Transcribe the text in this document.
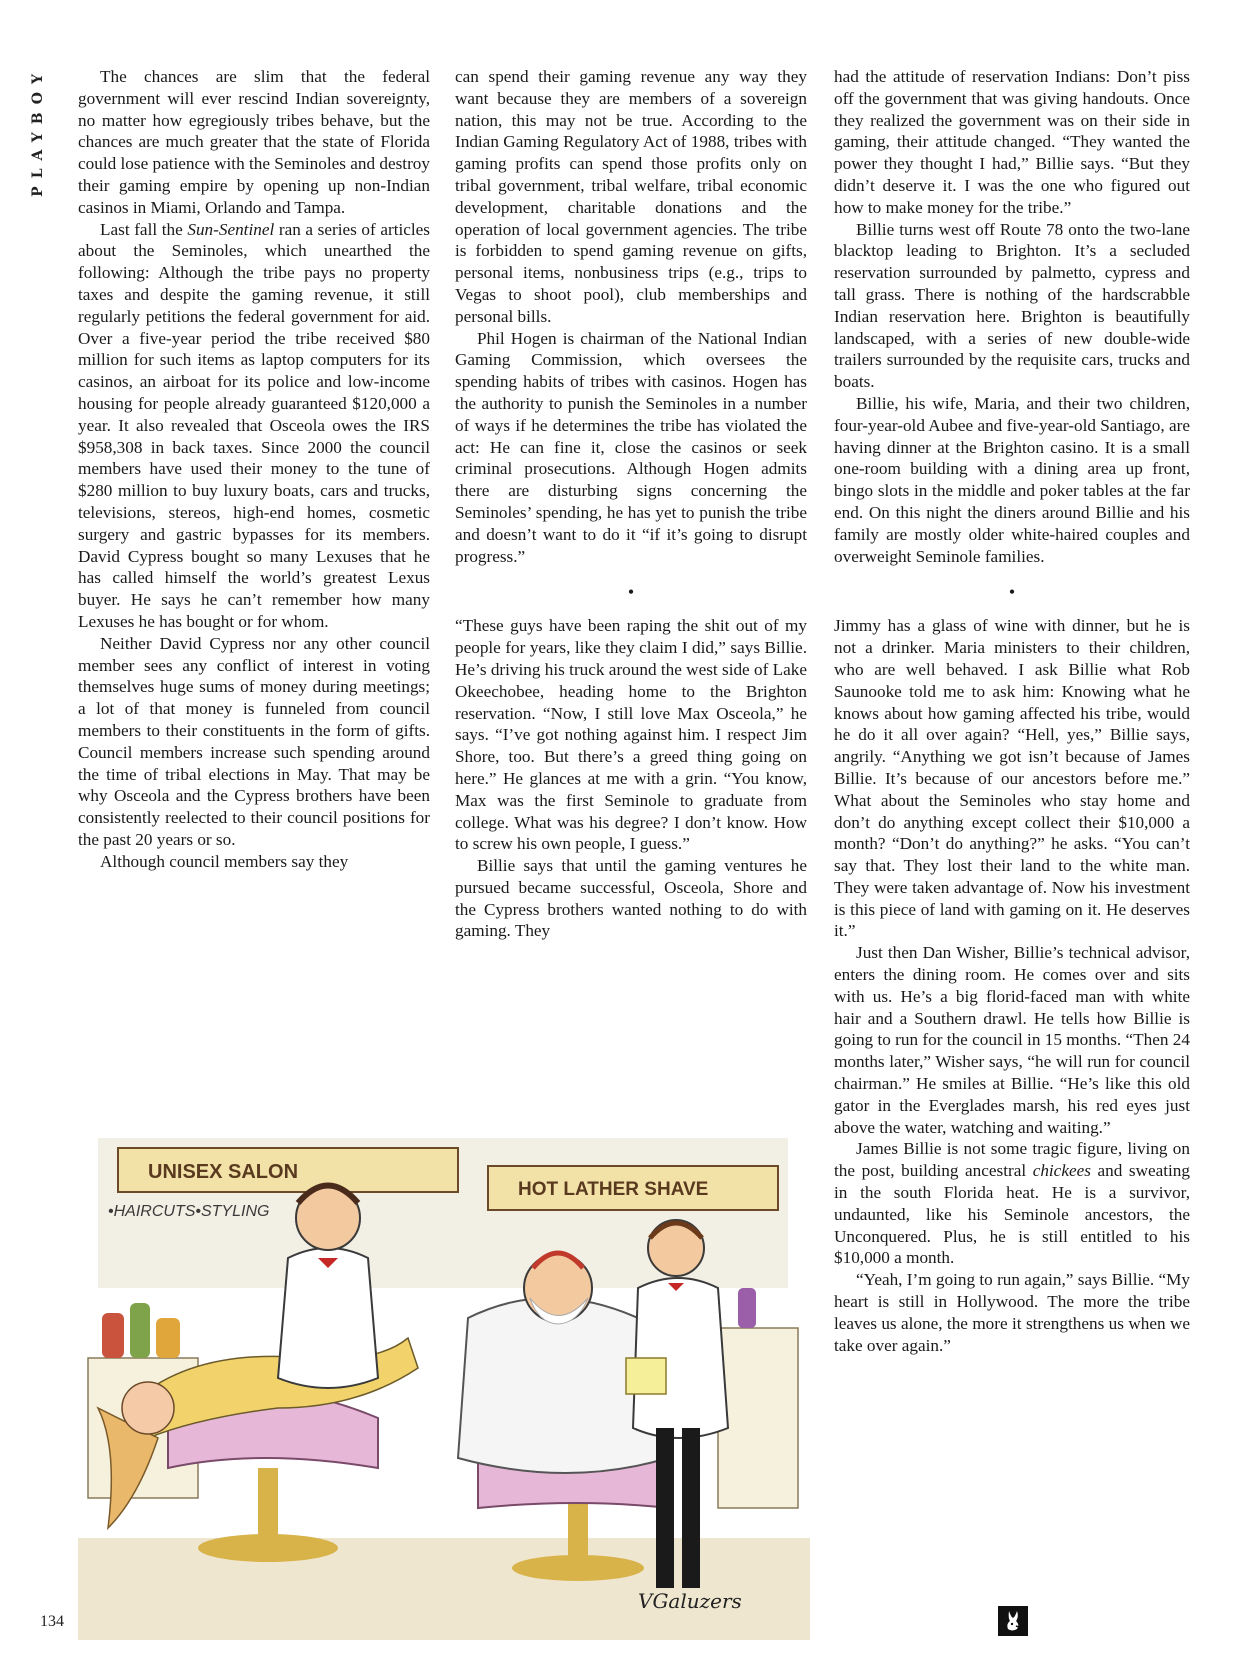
PLAYBOY	The chances are slim that the federal government will ever rescind Indian sovereignty, no matter how egregiously tribes behave, but the chances are much greater that the state of Florida could lose patience with the Seminoles and destroy their gaming empire by opening up non-Indian casinos in Miami, Orlando and Tampa.

Last fall the Sun-Sentinel ran a series of articles about the Seminoles, which unearthed the following: Although the tribe pays no property taxes and despite the gaming revenue, it still regularly petitions the federal government for aid. Over a five-year period the tribe received $80 million for such items as laptop computers for its casinos, an airboat for its police and low-income housing for people already guaranteed $120,000 a year. It also revealed that Osceola owes the IRS $958,308 in back taxes. Since 2000 the council members have used their money to the tune of $280 million to buy luxury boats, cars and trucks, televisions, stereos, high-end homes, cosmetic surgery and gastric bypasses for its members. David Cypress bought so many Lexuses that he has called himself the world’s greatest Lexus buyer. He says he can’t remember how many Lexuses he has bought or for whom.

Neither David Cypress nor any other council member sees any conflict of interest in voting themselves huge sums of money during meetings; a lot of that money is funneled from council members to their constituents in the form of gifts. Council members increase such spending around the time of tribal elections in May. That may be why Osceola and the Cypress brothers have been consistently reelected to their council positions for the past 20 years or so.

Although council members say they

can spend their gaming revenue any way they want because they are members of a sovereign nation, this may not be true. According to the Indian Gaming Regulatory Act of 1988, tribes with gaming profits can spend those profits only on tribal government, tribal welfare, tribal economic development, charitable donations and the operation of local government agencies. The tribe is forbidden to spend gaming revenue on gifts, personal items, nonbusiness trips (e.g., trips to Vegas to shoot pool), club memberships and personal bills.

Phil Hogen is chairman of the National Indian Gaming Commission, which oversees the spending habits of tribes with casinos. Hogen has the authority to punish the Seminoles in a number of ways if he determines the tribe has violated the act: He can fine it, close the casinos or seek criminal prosecutions. Although Hogen admits there are disturbing signs concerning the Seminoles’ spending, he has yet to punish the tribe and doesn’t want to do it “if it’s going to disrupt progress.”

•

“These guys have been raping the shit out of my people for years, like they claim I did,” says Billie. He’s driving his truck around the west side of Lake Okeechobee, heading home to the Brighton reservation. “Now, I still love Max Osceola,” he says. “I’ve got nothing against him. I respect Jim Shore, too. But there’s a greed thing going on here.” He glances at me with a grin. “You know, Max was the first Seminole to graduate from college. What was his degree? I don’t know. How to screw his own people, I guess.”

Billie says that until the gaming ventures he pursued became successful, Osceola, Shore and the Cypress brothers wanted nothing to do with gaming. They

had the attitude of reservation Indians: Don’t piss off the government that was giving handouts. Once they realized the government was on their side in gaming, their attitude changed. “They wanted the power they thought I had,” Billie says. “But they didn’t deserve it. I was the one who figured out how to make money for the tribe.”

Billie turns west off Route 78 onto the two-lane blacktop leading to Brighton. It’s a secluded reservation surrounded by palmetto, cypress and tall grass. There is nothing of the hardscrabble Indian reservation here. Brighton is beautifully landscaped, with a series of new double-wide trailers surrounded by the requisite cars, trucks and boats.

Billie, his wife, Maria, and their two children, four-year-old Aubee and five-year-old Santiago, are having dinner at the Brighton casino. It is a small one-room building with a dining area up front, bingo slots in the middle and poker tables at the far end. On this night the diners around Billie and his family are mostly older white-haired couples and overweight Seminole families.

•

Jimmy has a glass of wine with dinner, but he is not a drinker. Maria ministers to their children, who are well behaved. I ask Billie what Rob Saunooke told me to ask him: Knowing what he knows about how gaming affected his tribe, would he do it all over again? “Hell, yes,” Billie says, angrily. “Anything we got isn’t because of James Billie. It’s because of our ancestors before me.” What about the Seminoles who stay home and don’t do anything except collect their $10,000 a month? “Don’t do anything?” he asks. “You can’t say that. They lost their land to the white man. They were taken advantage of. Now his investment is this piece of land with gaming on it. He deserves it.”

Just then Dan Wisher, Billie’s technical advisor, enters the dining room. He comes over and sits with us. He’s a big florid-faced man with white hair and a Southern drawl. He tells how Billie is going to run for the council in 15 months. “Then 24 months later,” Wisher says, “he will run for council chairman.” He smiles at Billie. “He’s like this old gator in the Everglades marsh, his red eyes just above the water, watching and waiting.”

James Billie is not some tragic figure, living on the post, building ancestral chickees and sweating in the south Florida heat. He is a survivor, undaunted, like his Seminole ancestors, the Unconquered. Plus, he is still entitled to his $10,000 a month.

“Yeah, I’m going to run again,” says Billie. “My heart is still in Hollywood. The more the tribe leaves us alone, the more it strengthens us when we take over again.”

UNISEX SALON
•HAIRCUTS•STYLING
HOT LATHER SHAVE
VGaluzers
134
